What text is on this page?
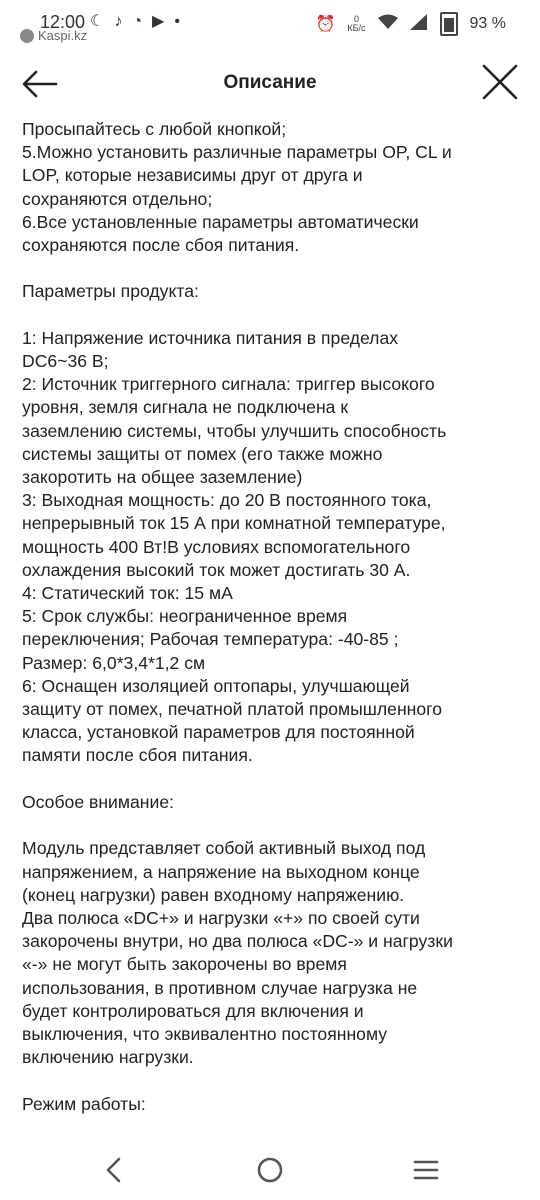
12:00 ☾ ♪ ◔ ▶ •
Kaspi.kz
⏰ 0
КБ/с	93 %
Описание

Просыпайтесь с любой кнопкой;

5.Можно установить различные параметры OP, CL и

LOP, которые независимы друг от друга и

сохраняются отдельно;

6.Все установленные параметры автоматически

сохраняются после сбоя питания.

Параметры продукта:

1: Напряжение источника питания в пределах

DC6~36 В;

2: Источник триггерного сигнала: триггер высокого

уровня, земля сигнала не подключена к

заземлению системы, чтобы улучшить способность

системы защиты от помех (его также можно

закоротить на общее заземление)

3: Выходная мощность: до 20 В постоянного тока,

непрерывный ток 15 А при комнатной температуре,

мощность 400 Вт!В условиях вспомогательного

охлаждения высокий ток может достигать 30 А.

4: Статический ток: 15 мА

5: Срок службы: неограниченное время

переключения; Рабочая температура: -40-85 ;

Размер: 6,0*3,4*1,2 см

6: Оснащен изоляцией оптопары, улучшающей

защиту от помех, печатной платой промышленного

класса, установкой параметров для постоянной

памяти после сбоя питания.

Особое внимание:

Модуль представляет собой активный выход под

напряжением, а напряжение на выходном конце

(конец нагрузки) равен входному напряжению.

Два полюса «DC+» и нагрузки «+» по своей сути

закорочены внутри, но два полюса «DC-» и нагрузки

«-» не могут быть закорочены во время

использования, в противном случае нагрузка не

будет контролироваться для включения и

выключения, что эквивалентно постоянному

включению нагрузки.

Режим работы:
